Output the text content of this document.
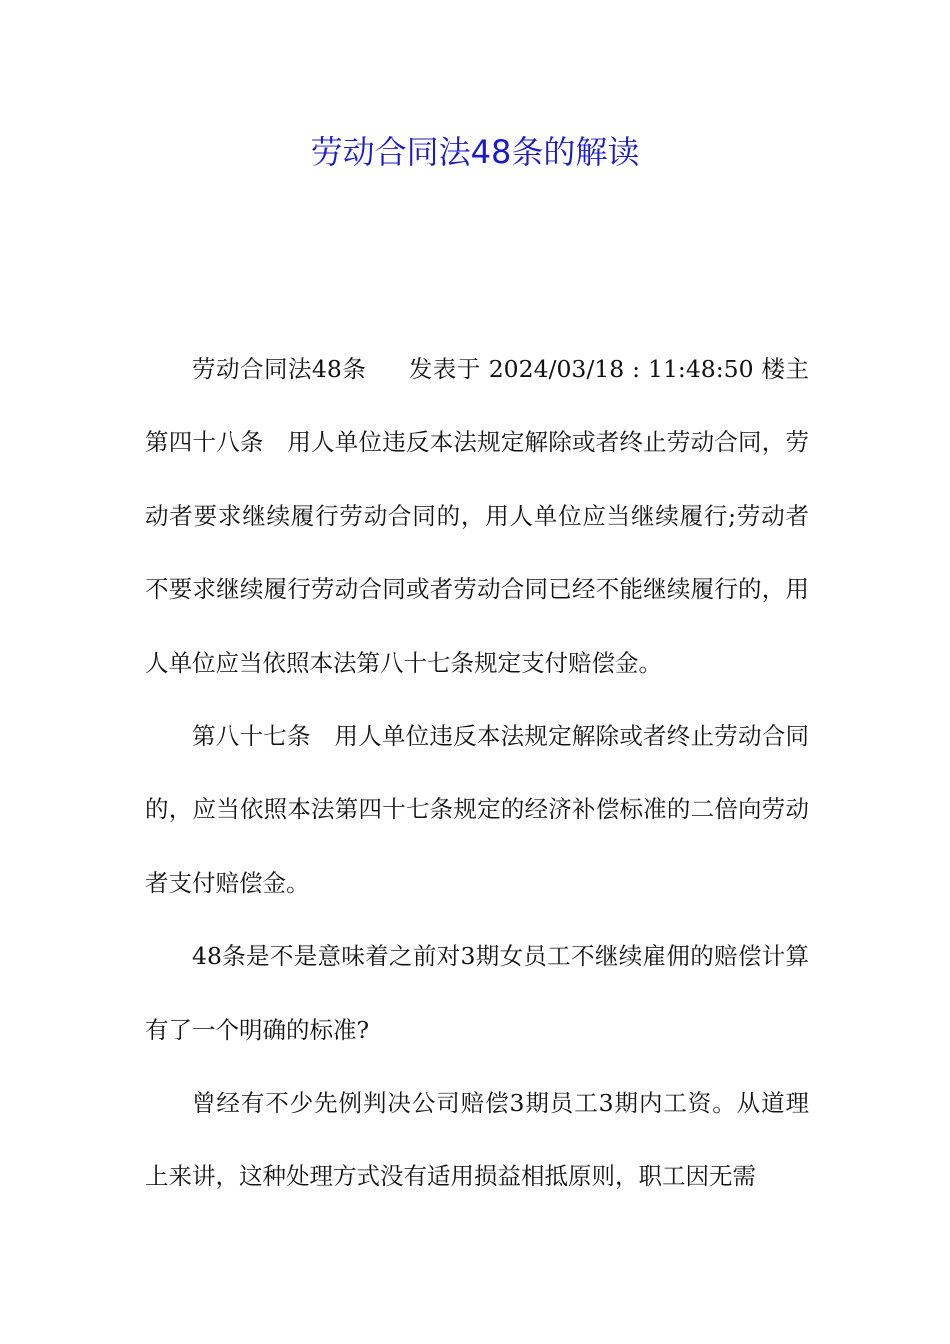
劳动合同法48条的解读

劳动合同法48条 发表于 2024/03/18 : 11:48:50 楼主第四十八条　用人单位违反本法规定解除或者终止劳动合同，劳动者要求继续履行劳动合同的，用人单位应当继续履行;劳动者不要求继续履行劳动合同或者劳动合同已经不能继续履行的，用人单位应当依照本法第八十七条规定支付赔偿金。

第八十七条　用人单位违反本法规定解除或者终止劳动合同的，应当依照本法第四十七条规定的经济补偿标准的二倍向劳动者支付赔偿金。

48条是不是意味着之前对3期女员工不继续雇佣的赔偿计算有了一个明确的标准?

曾经有不少先例判决公司赔偿3期员工3期内工资。从道理上来讲，这种处理方式没有适用损益相抵原则，职工因无需
